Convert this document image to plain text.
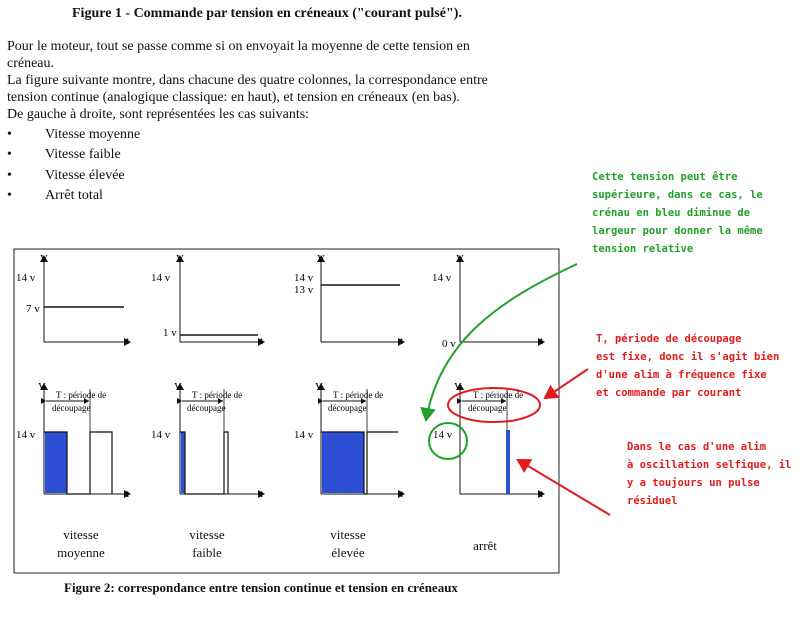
Figure 1 - Commande par tension en créneaux ("courant pulsé").
Pour le moteur, tout se passe comme si on envoyait la moyenne de cette tension en
créneau.
La figure suivante montre, dans chacune des quatre colonnes, la correspondance entre
tension continue (analogique classique: en haut), et tension en créneaux (en bas).
De gauche à droite, sont représentées les cas suivants:
• Vitesse moyenne
• Vitesse faible
• Vitesse élevée
• Arrêt total
V
t
14 v
7 v
V
t
14 v
T : période de
découpage
V
t
14 v
1 v
V
t
14 v
T : période de
découpage
V
t
14 v
13 v
V
t
14 v
T : période de
découpage
V
t
14 v
0 v
V
t
14 v
T : période de
découpage
vitesse
moyenne
vitesse
faible
vitesse
élevée	arrêt
Figure 2: correspondance entre tension continue et tension en créneaux
Cette tension peut être
supérieure, dans ce cas, le
crénau en bleu diminue de
largeur pour donner la même
tension relative
T, période de découpage
est fixe, donc il s'agit bien
d'une alim à fréquence fixe
et commande par courant
Dans le cas d'une alim
à oscillation selfique, il
y a toujours un pulse
résiduel
